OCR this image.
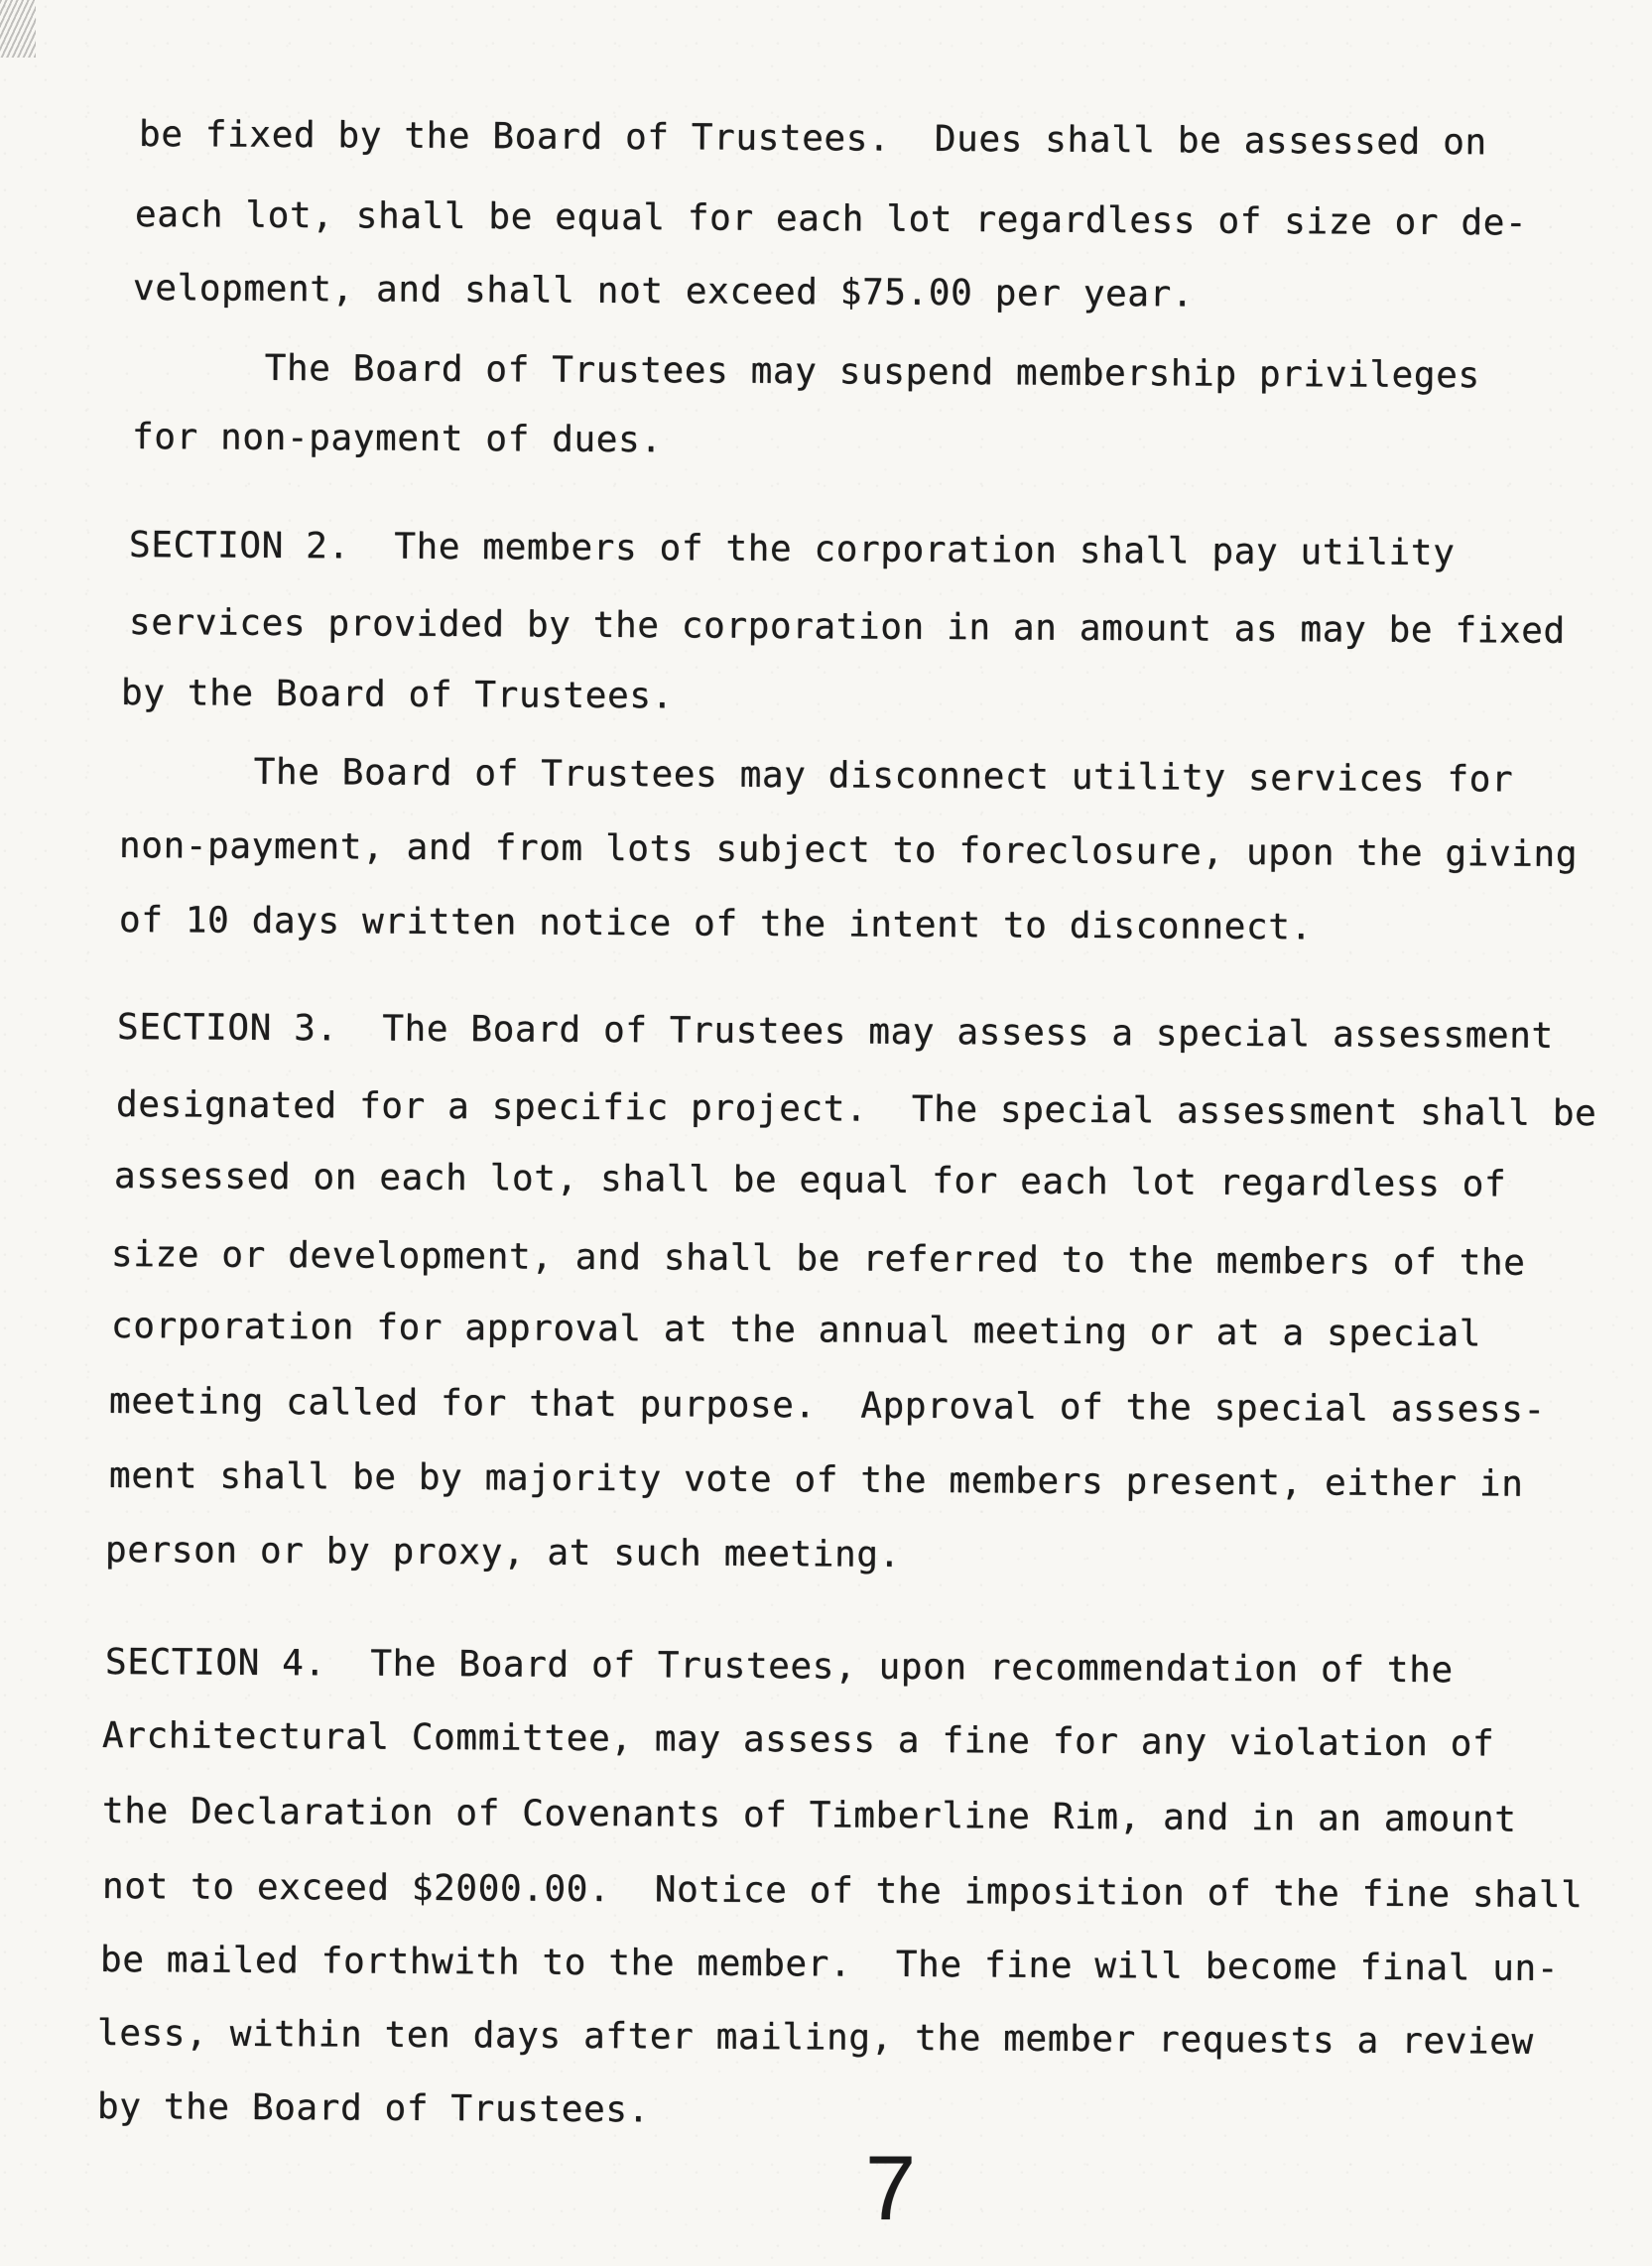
be fixed by the Board of Trustees.  Dues shall be assessed on
each lot, shall be equal for each lot regardless of size or de-
velopment, and shall not exceed $75.00 per year.
The Board of Trustees may suspend membership privileges
for non-payment of dues.
SECTION 2.  The members of the corporation shall pay utility
services provided by the corporation in an amount as may be fixed
by the Board of Trustees.
The Board of Trustees may disconnect utility services for
non-payment, and from lots subject to foreclosure, upon the giving
of 10 days written notice of the intent to disconnect.
SECTION 3.  The Board of Trustees may assess a special assessment
designated for a specific project.  The special assessment shall be
assessed on each lot, shall be equal for each lot regardless of
size or development, and shall be referred to the members of the
corporation for approval at the annual meeting or at a special
meeting called for that purpose.  Approval of the special assess-
ment shall be by majority vote of the members present, either in
person or by proxy, at such meeting.
SECTION 4.  The Board of Trustees, upon recommendation of the
Architectural Committee, may assess a fine for any violation of
the Declaration of Covenants of Timberline Rim, and in an amount
not to exceed $2000.00.  Notice of the imposition of the fine shall
be mailed forthwith to the member.  The fine will become final un-
less, within ten days after mailing, the member requests a review
by the Board of Trustees.
7
